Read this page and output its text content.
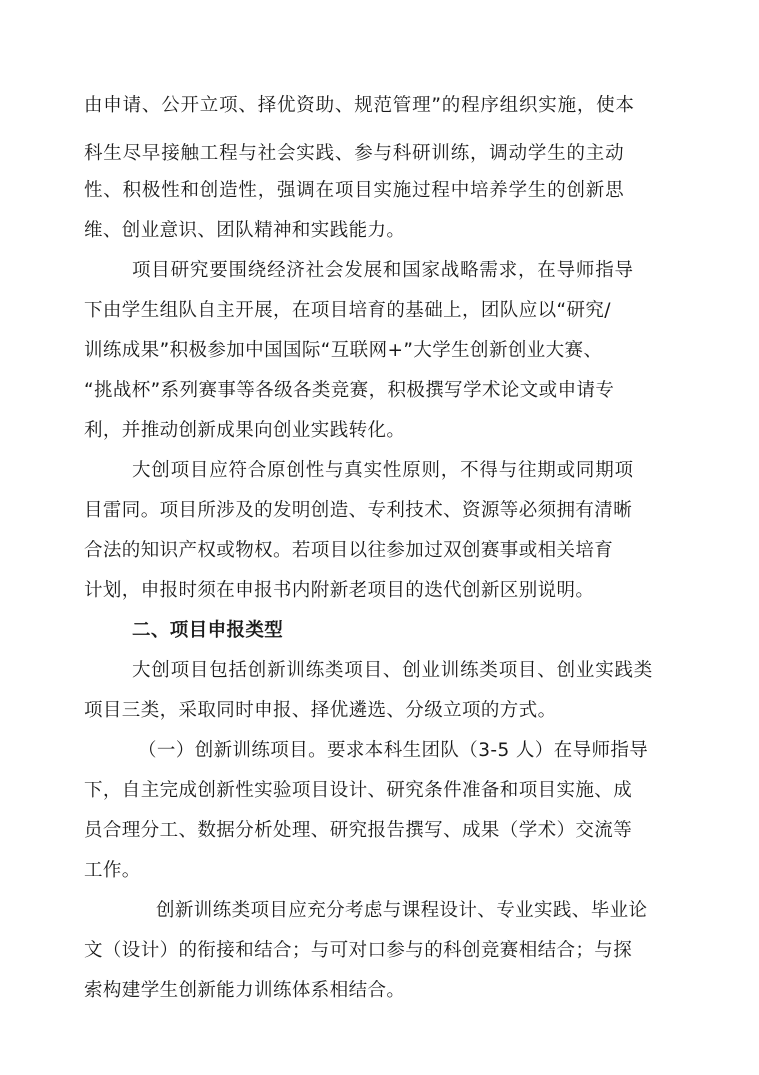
由申请、公开立项、择优资助、规范管理”的程序组织实施，使本
科生尽早接触工程与社会实践、参与科研训练，调动学生的主动
性、积极性和创造性，强调在项目实施过程中培养学生的创新思
维、创业意识、团队精神和实践能力。
项目研究要围绕经济社会发展和国家战略需求，在导师指导
下由学生组队自主开展，在项目培育的基础上，团队应以“研究/
训练成果”积极参加中国国际“互联网+”大学生创新创业大赛、
“挑战杯”系列赛事等各级各类竞赛，积极撰写学术论文或申请专
利，并推动创新成果向创业实践转化。
大创项目应符合原创性与真实性原则，不得与往期或同期项
目雷同。项目所涉及的发明创造、专利技术、资源等必须拥有清晰
合法的知识产权或物权。若项目以往参加过双创赛事或相关培育
计划，申报时须在申报书内附新老项目的迭代创新区别说明。
二、项目申报类型
大创项目包括创新训练类项目、创业训练类项目、创业实践类
项目三类，采取同时申报、择优遴选、分级立项的方式。
（一）创新训练项目。要求本科生团队（3-5 人）在导师指导
下，自主完成创新性实验项目设计、研究条件准备和项目实施、成
员合理分工、数据分析处理、研究报告撰写、成果（学术）交流等
工作。
创新训练类项目应充分考虑与课程设计、专业实践、毕业论
文（设计）的衔接和结合；与可对口参与的科创竞赛相结合；与探
索构建学生创新能力训练体系相结合。
